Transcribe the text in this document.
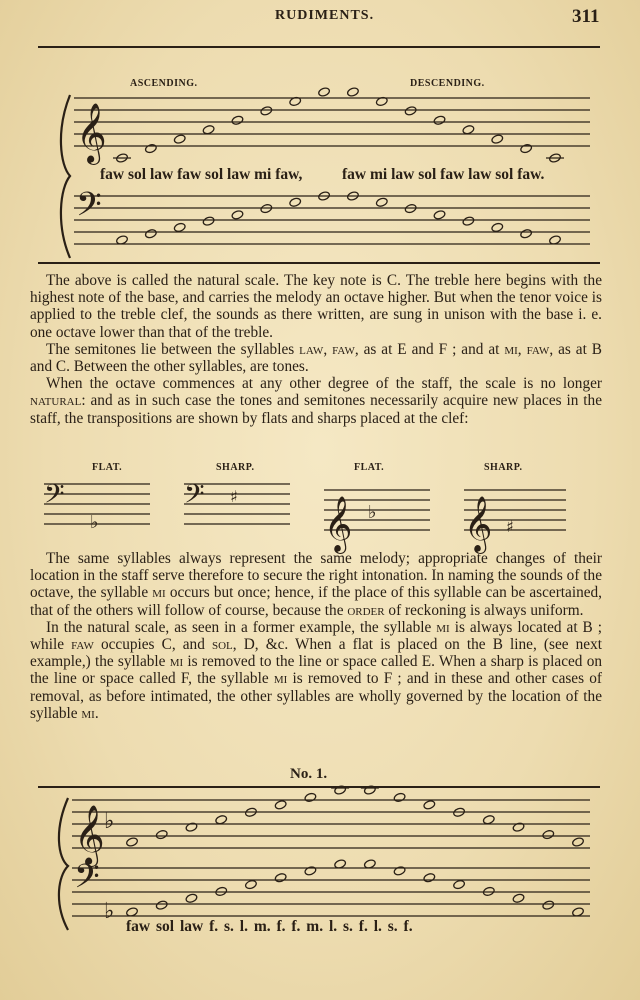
RUDIMENTS.	311
ASCENDING.	DESCENDING.
𝄞
𝄢
faw sol law faw sol law mi faw,	faw mi law sol faw law sol faw.

The above is called the natural scale. The key note is C. The treble here begins with the highest note of the base, and carries the melody an octave higher. But when the tenor voice is applied to the treble clef, the sounds as there written, are sung in unison with the base i. e. one octave lower than that of the treble.

The semitones lie between the syllables law, faw, as at E and F ; and at mi, faw, as at B and C. Between the other syllables, are tones.

When the octave commences at any other degree of the staff, the scale is no longer natural: and as in such case the tones and semitones necessarily acquire new places in the staff, the transpositions are shown by flats and sharps placed at the clef:

FLAT.	SHARP.	FLAT.	SHARP.
𝄢
♭
𝄢 ♯ 𝄞 ♭ 𝄞 ♯

The same syllables always represent the same melody; appropriate changes of their location in the staff serve therefore to secure the right intonation. In naming the sounds of the octave, the syllable mi occurs but once; hence, if the place of this syllable can be ascertained, that of the others will follow of course, because the order of reckoning is always uniform.

In the natural scale, as seen in a former example, the syllable mi is always located at B ; while faw occupies C, and sol, D, &c. When a flat is placed on the B line, (see next example,) the syllable mi is removed to the line or space called E. When a sharp is placed on the line or space called F, the syllable mi is removed to F ; and in these and other cases of removal, as before intimated, the other syllables are wholly governed by the location of the syllable mi.

No. 1.
𝄞 ♭
𝄢
♭
faw sol law f. s. l. m. f. f. m. l. s. f. l. s. f.
